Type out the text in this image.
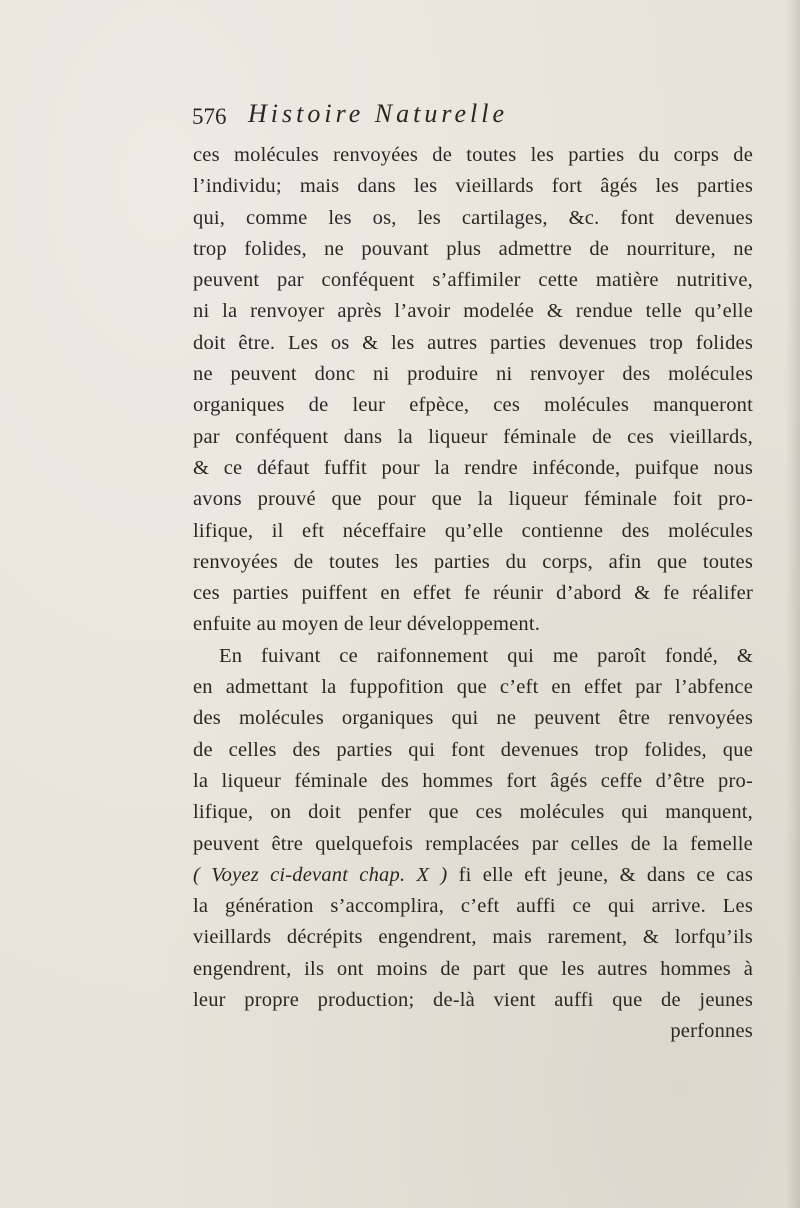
576 Histoire Naturelle
ces molécules renvoyées de toutes les parties du corps de
l’individu; mais dans les vieillards fort âgés les parties
qui, comme les os, les cartilages, &c. font devenues
trop folides, ne pouvant plus admettre de nourriture, ne
peuvent par conféquent s’affimiler cette matière nutritive,
ni la renvoyer après l’avoir modelée & rendue telle qu’elle
doit être. Les os & les autres parties devenues trop folides
ne peuvent donc ni produire ni renvoyer des molécules
organiques de leur efpèce, ces molécules manqueront
par conféquent dans la liqueur féminale de ces vieillards,
& ce défaut fuffit pour la rendre inféconde, puifque nous
avons prouvé que pour que la liqueur féminale foit pro-
lifique, il eft néceffaire qu’elle contienne des molécules
renvoyées de toutes les parties du corps, afin que toutes
ces parties puiffent en effet fe réunir d’abord & fe réalifer
enfuite au moyen de leur développement.
En fuivant ce raifonnement qui me paroît fondé, &
en admettant la fuppofition que c’eft en effet par l’abfence
des molécules organiques qui ne peuvent être renvoyées
de celles des parties qui font devenues trop folides, que
la liqueur féminale des hommes fort âgés ceffe d’être pro-
lifique, on doit penfer que ces molécules qui manquent,
peuvent être quelquefois remplacées par celles de la femelle
( Voyez ci-devant chap. X ) fi elle eft jeune, & dans ce cas
la génération s’accomplira, c’eft auffi ce qui arrive. Les
vieillards décrépits engendrent, mais rarement, & lorfqu’ils
engendrent, ils ont moins de part que les autres hommes à
leur propre production; de-là vient auffi que de jeunes
perfonnes
